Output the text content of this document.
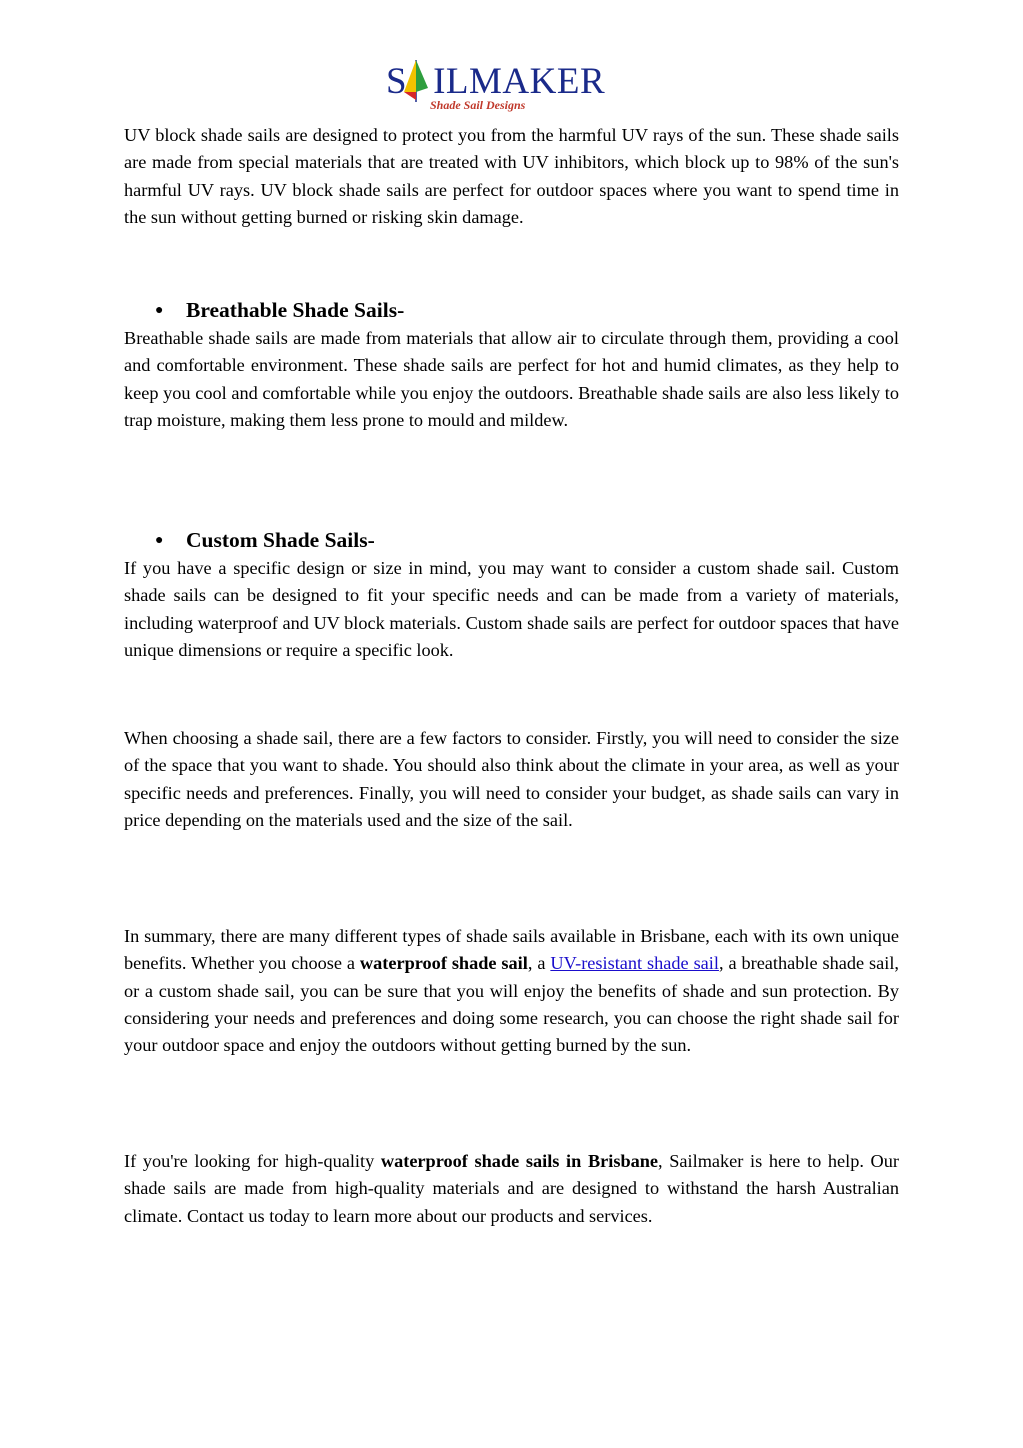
S ILMAKER
Shade Sail Designs

UV block shade sails are designed to protect you from the harmful UV rays of the sun. These shade sails are made from special materials that are treated with UV inhibitors, which block up to 98% of the sun's harmful UV rays. UV block shade sails are perfect for outdoor spaces where you want to spend time in the sun without getting burned or risking skin damage.

● Breathable Shade Sails-

Breathable shade sails are made from materials that allow air to circulate through them, providing a cool and comfortable environment. These shade sails are perfect for hot and humid climates, as they help to keep you cool and comfortable while you enjoy the outdoors. Breathable shade sails are also less likely to trap moisture, making them less prone to mould and mildew.

● Custom Shade Sails-

If you have a specific design or size in mind, you may want to consider a custom shade sail. Custom shade sails can be designed to fit your specific needs and can be made from a variety of materials, including waterproof and UV block materials. Custom shade sails are perfect for outdoor spaces that have unique dimensions or require a specific look.

When choosing a shade sail, there are a few factors to consider. Firstly, you will need to consider the size of the space that you want to shade. You should also think about the climate in your area, as well as your specific needs and preferences. Finally, you will need to consider your budget, as shade sails can vary in price depending on the materials used and the size of the sail.

In summary, there are many different types of shade sails available in Brisbane, each with its own unique benefits. Whether you choose a waterproof shade sail, a UV-resistant shade sail, a breathable shade sail, or a custom shade sail, you can be sure that you will enjoy the benefits of shade and sun protection. By considering your needs and preferences and doing some research, you can choose the right shade sail for your outdoor space and enjoy the outdoors without getting burned by the sun.

If you're looking for high-quality waterproof shade sails in Brisbane, Sailmaker is here to help. Our shade sails are made from high-quality materials and are designed to withstand the harsh Australian climate. Contact us today to learn more about our products and services.
